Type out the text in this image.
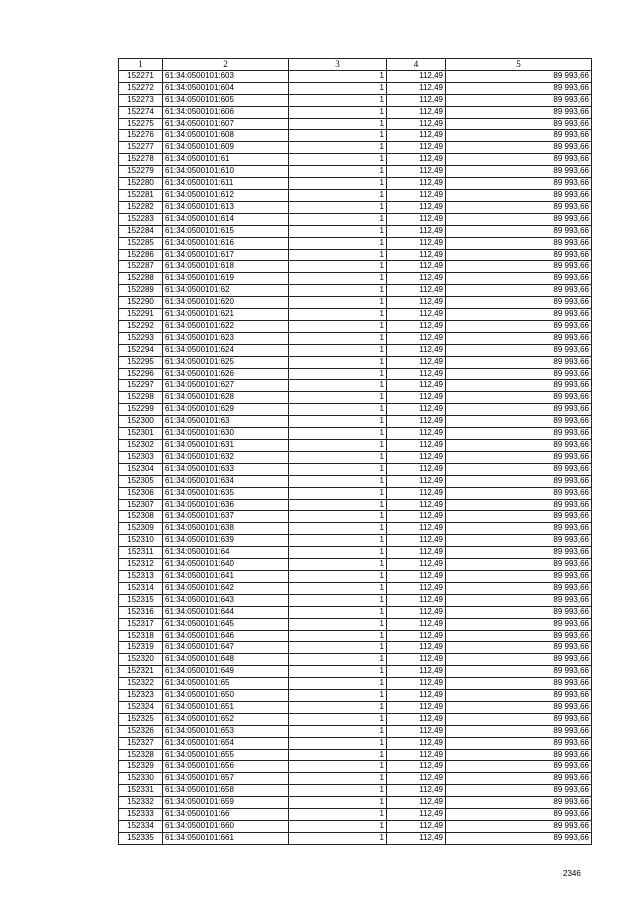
1	2	3	4	5
152271	61:34:0500101:603	1	112,49	89 993,66
152272	61:34:0500101:604	1	112,49	89 993,66
152273	61:34:0500101:605	1	112,49	89 993,66
152274	61:34:0500101:606	1	112,49	89 993,66
152275	61:34:0500101:607	1	112,49	89 993,66
152276	61:34:0500101:608	1	112,49	89 993,66
152277	61:34:0500101:609	1	112,49	89 993,66
152278	61:34:0500101:61	1	112,49	89 993,66
152279	61:34:0500101:610	1	112,49	89 993,66
152280	61:34:0500101:611	1	112,49	89 993,66
152281	61:34:0500101:612	1	112,49	89 993,66
152282	61:34:0500101:613	1	112,49	89 993,66
152283	61:34:0500101:614	1	112,49	89 993,66
152284	61:34:0500101:615	1	112,49	89 993,66
152285	61:34:0500101:616	1	112,49	89 993,66
152286	61:34:0500101:617	1	112,49	89 993,66
152287	61:34:0500101:618	1	112,49	89 993,66
152288	61:34:0500101:619	1	112,49	89 993,66
152289	61:34:0500101:62	1	112,49	89 993,66
152290	61:34:0500101:620	1	112,49	89 993,66
152291	61:34:0500101:621	1	112,49	89 993,66
152292	61:34:0500101:622	1	112,49	89 993,66
152293	61:34:0500101:623	1	112,49	89 993,66
152294	61:34:0500101:624	1	112,49	89 993,66
152295	61:34:0500101:625	1	112,49	89 993,66
152296	61:34:0500101:626	1	112,49	89 993,66
152297	61:34:0500101:627	1	112,49	89 993,66
152298	61:34:0500101:628	1	112,49	89 993,66
152299	61:34:0500101:629	1	112,49	89 993,66
152300	61:34:0500101:63	1	112,49	89 993,66
152301	61:34:0500101:630	1	112,49	89 993,66
152302	61:34:0500101:631	1	112,49	89 993,66
152303	61:34:0500101:632	1	112,49	89 993,66
152304	61:34:0500101:633	1	112,49	89 993,66
152305	61:34:0500101:634	1	112,49	89 993,66
152306	61:34:0500101:635	1	112,49	89 993,66
152307	61:34:0500101:636	1	112,49	89 993,66
152308	61:34:0500101:637	1	112,49	89 993,66
152309	61:34:0500101:638	1	112,49	89 993,66
152310	61:34:0500101:639	1	112,49	89 993,66
152311	61:34:0500101:64	1	112,49	89 993,66
152312	61:34:0500101:640	1	112,49	89 993,66
152313	61:34:0500101:641	1	112,49	89 993,66
152314	61:34:0500101:642	1	112,49	89 993,66
152315	61:34:0500101:643	1	112,49	89 993,66
152316	61:34:0500101:644	1	112,49	89 993,66
152317	61:34:0500101:645	1	112,49	89 993,66
152318	61:34:0500101:646	1	112,49	89 993,66
152319	61:34:0500101:647	1	112,49	89 993,66
152320	61:34:0500101:648	1	112,49	89 993,66
152321	61:34:0500101:649	1	112,49	89 993,66
152322	61:34:0500101:65	1	112,49	89 993,66
152323	61:34:0500101:650	1	112,49	89 993,66
152324	61:34:0500101:651	1	112,49	89 993,66
152325	61:34:0500101:652	1	112,49	89 993,66
152326	61:34:0500101:653	1	112,49	89 993,66
152327	61:34:0500101:654	1	112,49	89 993,66
152328	61:34:0500101:655	1	112,49	89 993,66
152329	61:34:0500101:656	1	112,49	89 993,66
152330	61:34:0500101:657	1	112,49	89 993,66
152331	61:34:0500101:658	1	112,49	89 993,66
152332	61:34:0500101:659	1	112,49	89 993,66
152333	61:34:0500101:66	1	112,49	89 993,66
152334	61:34:0500101:660	1	112,49	89 993,66
152335	61:34:0500101:661	1	112,49	89 993,66
2346
